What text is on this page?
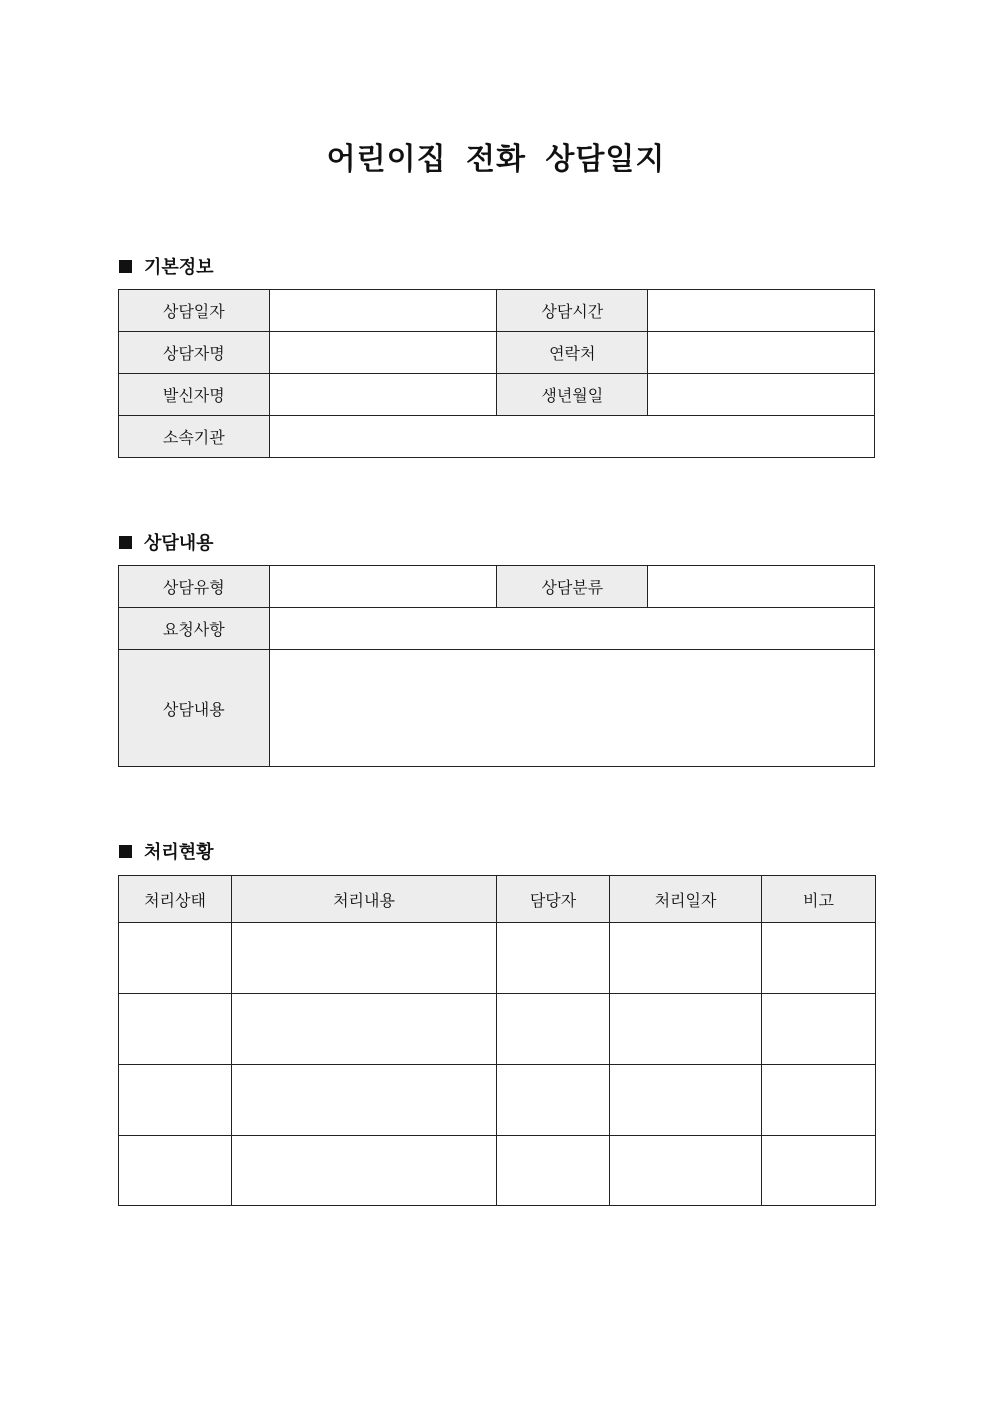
어린이집 전화 상담일지
기본정보
상담일자		상담시간	
상담자명		연락처	
발신자명		생년월일	
소속기관			
상담내용
상담유형		상담분류	
요청사항			
상담내용			
처리현황
처리상태	처리내용	담당자	처리일자	비고
